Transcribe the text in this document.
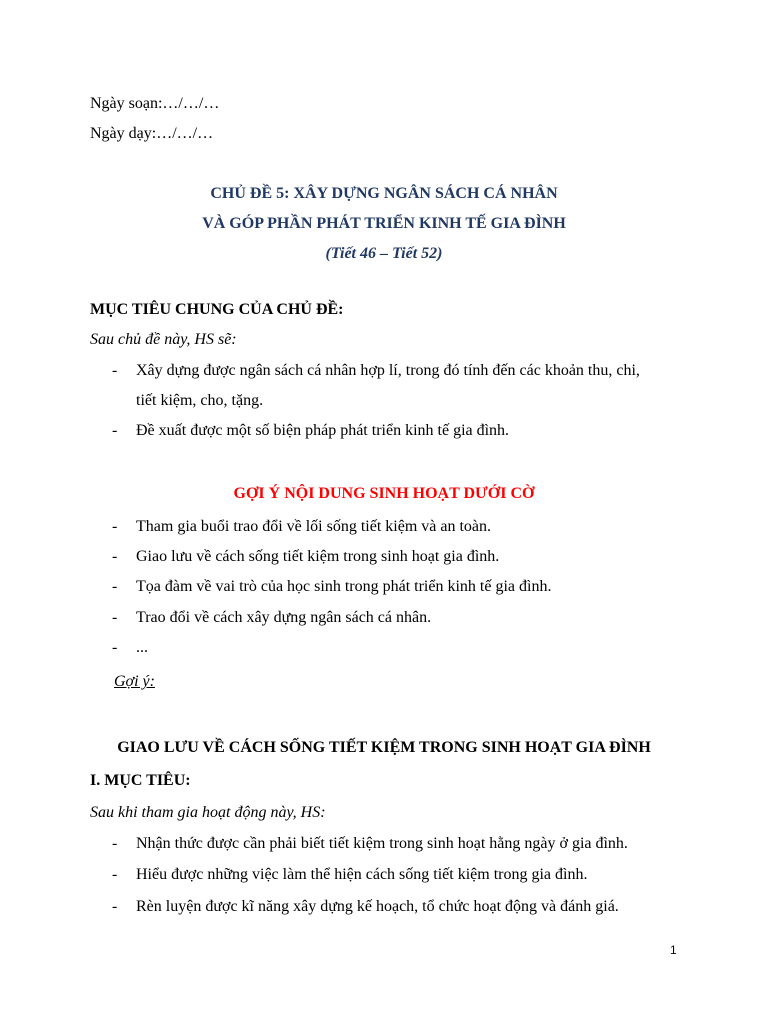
Ngày soạn:…/…/…
Ngày dạy:…/…/…
CHỦ ĐỀ 5: XÂY DỰNG NGÂN SÁCH CÁ NHÂN
VÀ GÓP PHẦN PHÁT TRIỂN KINH TẾ GIA ĐÌNH
(Tiết 46 – Tiết 52)
MỤC TIÊU CHUNG CỦA CHỦ ĐỀ:
Sau chủ đề này, HS sẽ:
- Xây dựng được ngân sách cá nhân hợp lí, trong đó tính đến các khoản thu, chi,
tiết kiệm, cho, tặng.
- Đề xuất được một số biện pháp phát triển kinh tế gia đình.
GỢI Ý NỘI DUNG SINH HOẠT DƯỚI CỜ
- Tham gia buổi trao đổi về lối sống tiết kiệm và an toàn.
- Giao lưu về cách sống tiết kiệm trong sinh hoạt gia đình.
- Tọa đàm về vai trò của học sinh trong phát triển kinh tế gia đình.
- Trao đổi về cách xây dựng ngân sách cá nhân.
- ...
Gợi ý:
GIAO LƯU VỀ CÁCH SỐNG TIẾT KIỆM TRONG SINH HOẠT GIA ĐÌNH
I. MỤC TIÊU:
Sau khi tham gia hoạt động này, HS:
- Nhận thức được cần phải biết tiết kiệm trong sinh hoạt hằng ngày ở gia đình.
- Hiểu được những việc làm thể hiện cách sống tiết kiệm trong gia đình.
- Rèn luyện được kĩ năng xây dựng kế hoạch, tổ chức hoạt động và đánh giá.
1
